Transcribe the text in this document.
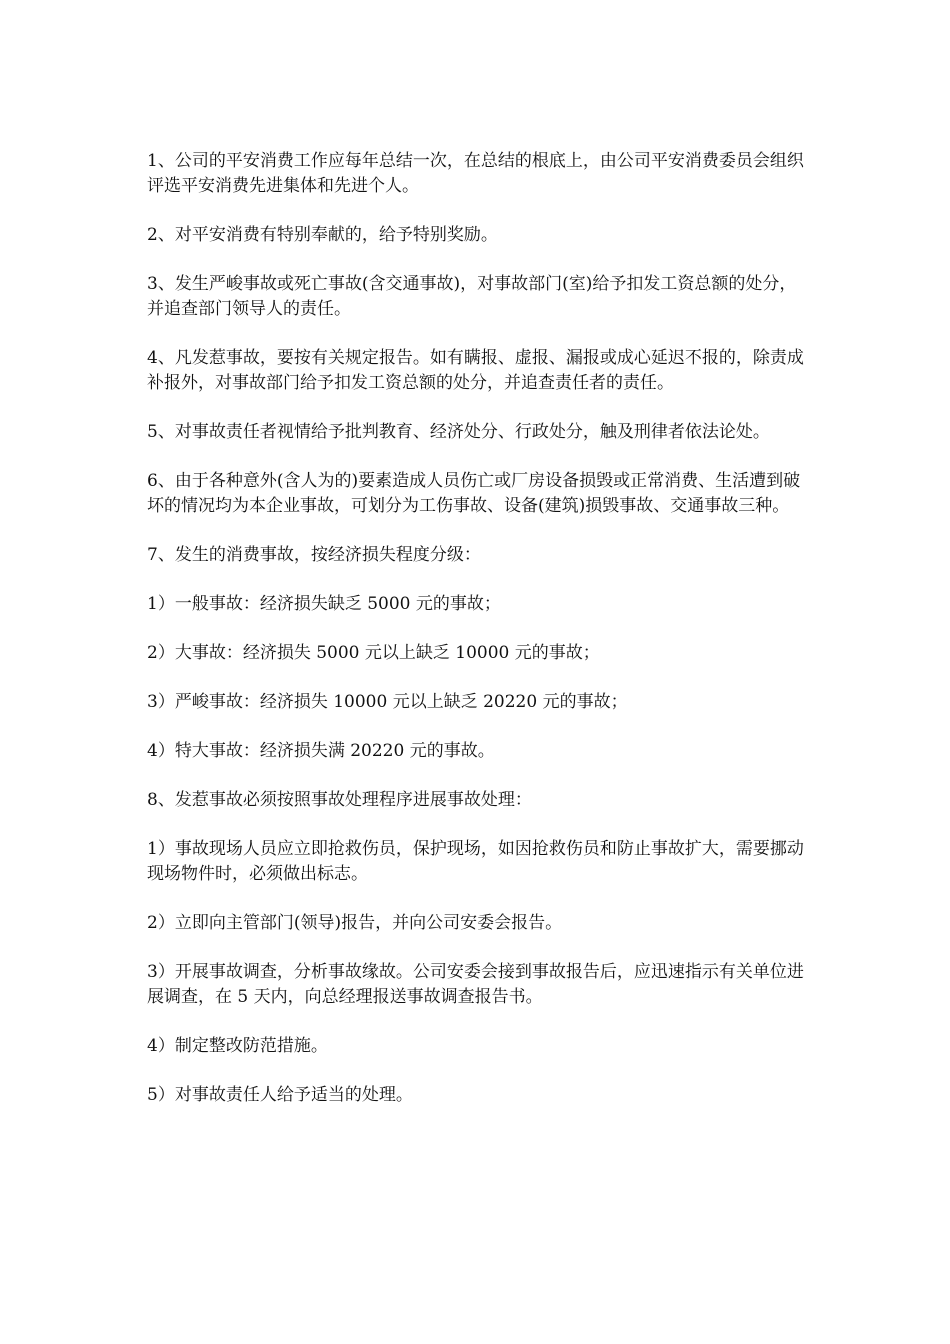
1、公司的平安消费工作应每年总结一次，在总结的根底上，由公司平安消费委员会组织评选平安消费先进集体和先进个人。

2、对平安消费有特别奉献的，给予特别奖励。

3、发生严峻事故或死亡事故(含交通事故)，对事故部门(室)给予扣发工资总额的处分，并追查部门领导人的责任。

4、凡发惹事故，要按有关规定报告。如有瞒报、虚报、漏报或成心延迟不报的，除责成补报外，对事故部门给予扣发工资总额的处分，并追查责任者的责任。

5、对事故责任者视情给予批判教育、经济处分、行政处分，触及刑律者依法论处。

6、由于各种意外(含人为的)要素造成人员伤亡或厂房设备损毁或正常消费、生活遭到破坏的情况均为本企业事故，可划分为工伤事故、设备(建筑)损毁事故、交通事故三种。

7、发生的消费事故，按经济损失程度分级：

1）一般事故：经济损失缺乏 5000 元的事故；

2）大事故：经济损失 5000 元以上缺乏 10000 元的事故；

3）严峻事故：经济损失 10000 元以上缺乏 20220 元的事故；

4）特大事故：经济损失满 20220 元的事故。

8、发惹事故必须按照事故处理程序进展事故处理：

1）事故现场人员应立即抢救伤员，保护现场，如因抢救伤员和防止事故扩大，需要挪动现场物件时，必须做出标志。

2）立即向主管部门(领导)报告，并向公司安委会报告。

3）开展事故调查，分析事故缘故。公司安委会接到事故报告后，应迅速指示有关单位进展调查，在 5 天内，向总经理报送事故调查报告书。

4）制定整改防范措施。

5）对事故责任人给予适当的处理。
